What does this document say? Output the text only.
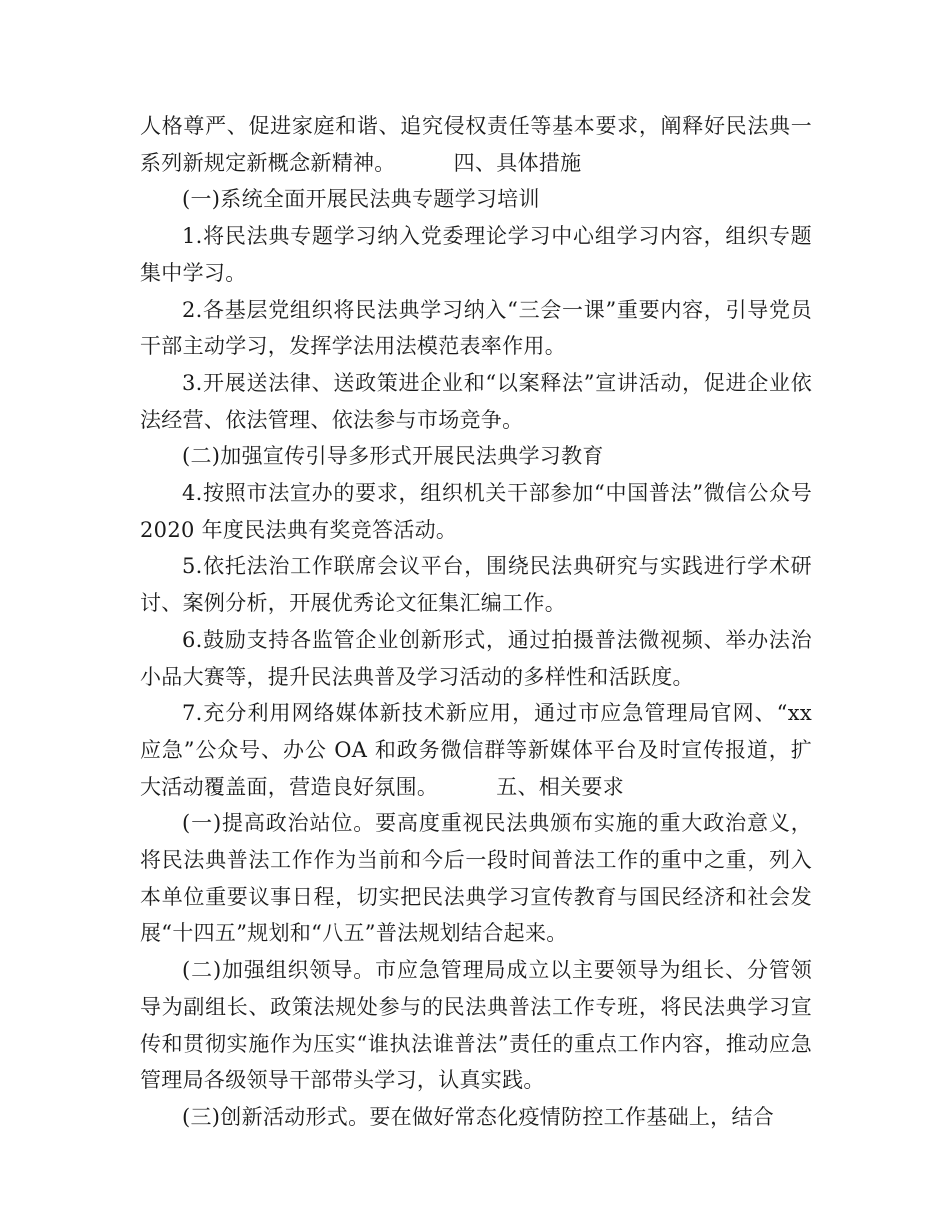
人格尊严、促进家庭和谐、追究侵权责任等基本要求，阐释好民法典一系列新规定新概念新精神。	四、具体措施

(一)系统全面开展民法典专题学习培训

1.将民法典专题学习纳入党委理论学习中心组学习内容，组织专题集中学习。

2.各基层党组织将民法典学习纳入“三会一课”重要内容，引导党员干部主动学习，发挥学法用法模范表率作用。

3.开展送法律、送政策进企业和“以案释法”宣讲活动，促进企业依法经营、依法管理、依法参与市场竞争。

(二)加强宣传引导多形式开展民法典学习教育

4.按照市法宣办的要求，组织机关干部参加“中国普法”微信公众号 2020 年度民法典有奖竞答活动。

5.依托法治工作联席会议平台，围绕民法典研究与实践进行学术研讨、案例分析，开展优秀论文征集汇编工作。

6.鼓励支持各监管企业创新形式，通过拍摄普法微视频、举办法治小品大赛等，提升民法典普及学习活动的多样性和活跃度。

7.充分利用网络媒体新技术新应用，通过市应急管理局官网、“xx 应急”公众号、办公 OA 和政务微信群等新媒体平台及时宣传报道，扩大活动覆盖面，营造良好氛围。	五、相关要求

(一)提高政治站位。要高度重视民法典颁布实施的重大政治意义，将民法典普法工作作为当前和今后一段时间普法工作的重中之重，列入本单位重要议事日程，切实把民法典学习宣传教育与国民经济和社会发展“十四五”规划和“八五”普法规划结合起来。

(二)加强组织领导。市应急管理局成立以主要领导为组长、分管领导为副组长、政策法规处参与的民法典普法工作专班，将民法典学习宣传和贯彻实施作为压实“谁执法谁普法”责任的重点工作内容，推动应急管理局各级领导干部带头学习，认真实践。

(三)创新活动形式。要在做好常态化疫情防控工作基础上，结合
